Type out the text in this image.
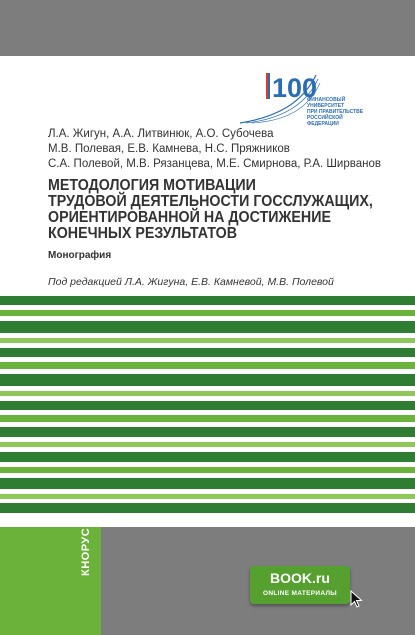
100
ФИНАНСОВЫЙ УНИВЕРСИТЕТ
ПРИ ПРАВИТЕЛЬСТВЕ
РОССИЙСКОЙ ФЕДЕРАЦИИ
Л.А. Жигун, А.А. Литвинюк, А.О. Субочева
М.В. Полевая, Е.В. Камнева, Н.С. Пряжников
С.А. Полевой, М.В. Рязанцева, М.Е. Смирнова, Р.А. Ширванов
МЕТОДОЛОГИЯ МОТИВАЦИИ
ТРУДОВОЙ ДЕЯТЕЛЬНОСТИ ГОССЛУЖАЩИХ,
ОРИЕНТИРОВАННОЙ НА ДОСТИЖЕНИЕ
КОНЕЧНЫХ РЕЗУЛЬТАТОВ
Монография
Под редакцией Л.А. Жигуна, Е.В. Камневой, М.В. Полевой
КНОРУС
BOOK.ru
ONLINE МАТЕРИАЛЫ
